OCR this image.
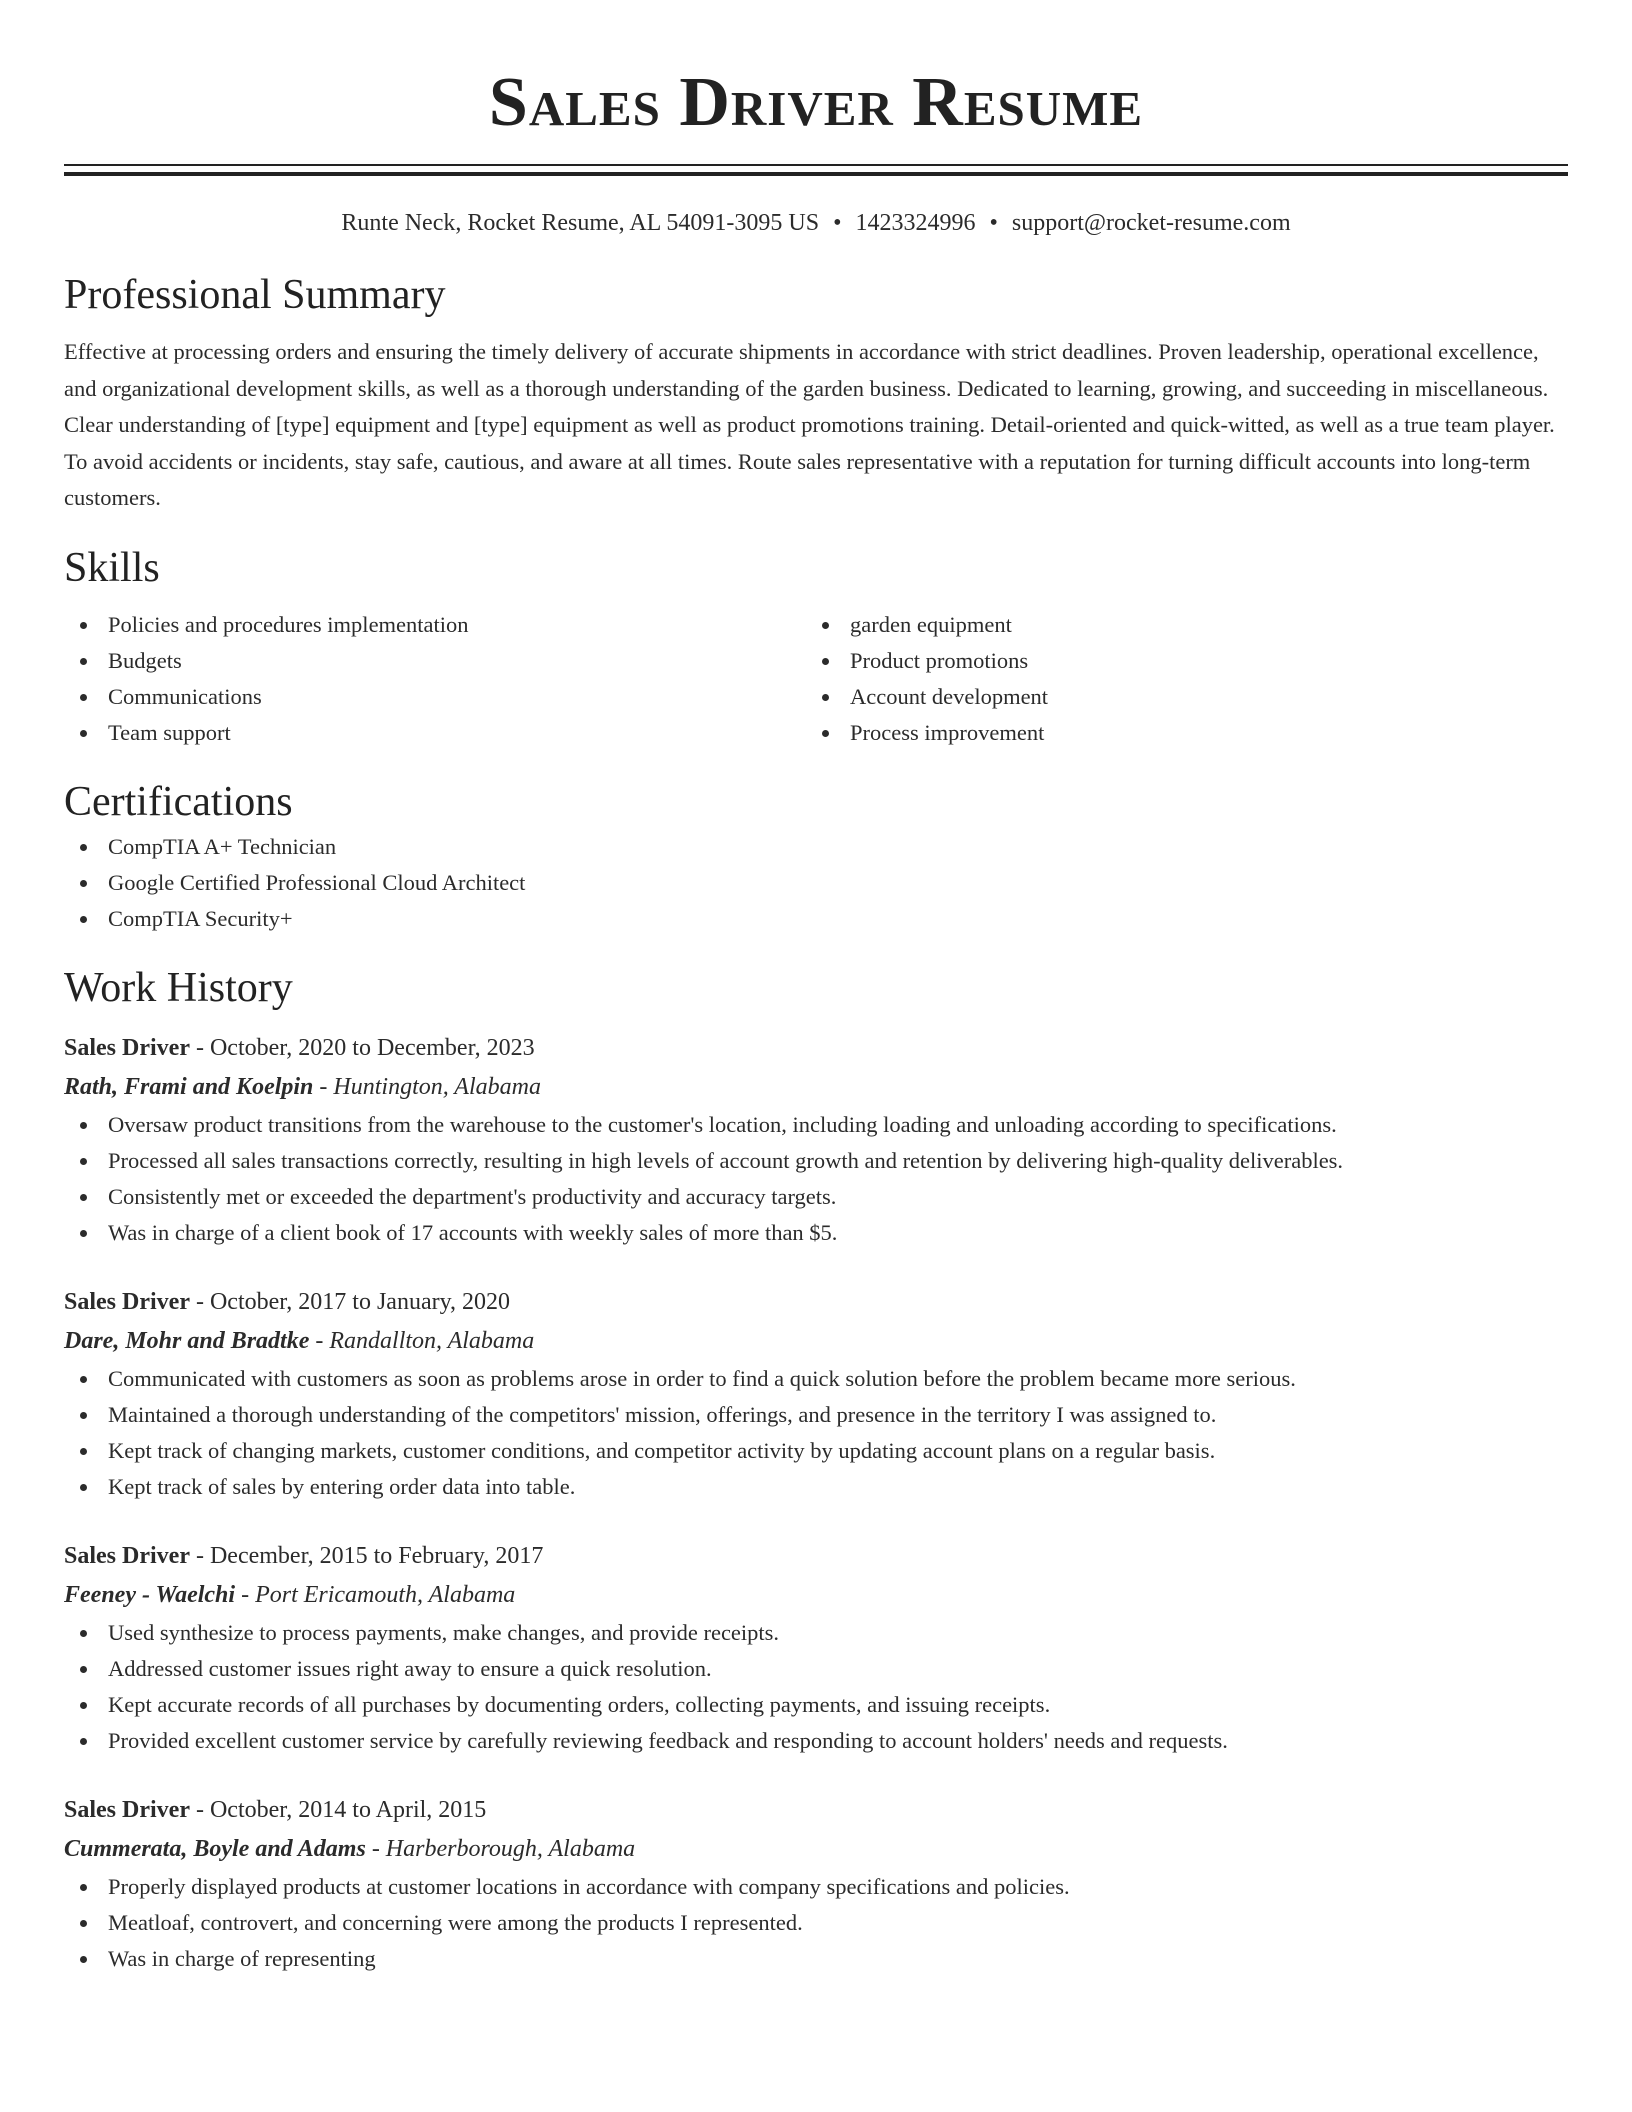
Sales Driver Resume
Runte Neck, Rocket Resume, AL 54091-3095 US • 1423324996 • support@rocket-resume.com
Professional Summary

Effective at processing orders and ensuring the timely delivery of accurate shipments in accordance with strict deadlines. Proven leadership, operational excellence, and organizational development skills, as well as a thorough understanding of the garden business. Dedicated to learning, growing, and succeeding in miscellaneous. Clear understanding of [type] equipment and [type] equipment as well as product promotions training. Detail-oriented and quick-witted, as well as a true team player. To avoid accidents or incidents, stay safe, cautious, and aware at all times. Route sales representative with a reputation for turning difficult accounts into long-term customers.

Skills
Policies and procedures implementation
Budgets
Communications
Team support
garden equipment
Product promotions
Account development
Process improvement
Certifications
CompTIA A+ Technician
Google Certified Professional Cloud Architect
CompTIA Security+
Work History
Sales Driver - October, 2020 to December, 2023
Rath, Frami and Koelpin - Huntington, Alabama
Oversaw product transitions from the warehouse to the customer's location, including loading and unloading according to specifications.
Processed all sales transactions correctly, resulting in high levels of account growth and retention by delivering high-quality deliverables.
Consistently met or exceeded the department's productivity and accuracy targets.
Was in charge of a client book of 17 accounts with weekly sales of more than $5.
Sales Driver - October, 2017 to January, 2020
Dare, Mohr and Bradtke - Randallton, Alabama
Communicated with customers as soon as problems arose in order to find a quick solution before the problem became more serious.
Maintained a thorough understanding of the competitors' mission, offerings, and presence in the territory I was assigned to.
Kept track of changing markets, customer conditions, and competitor activity by updating account plans on a regular basis.
Kept track of sales by entering order data into table.
Sales Driver - December, 2015 to February, 2017
Feeney - Waelchi - Port Ericamouth, Alabama
Used synthesize to process payments, make changes, and provide receipts.
Addressed customer issues right away to ensure a quick resolution.
Kept accurate records of all purchases by documenting orders, collecting payments, and issuing receipts.
Provided excellent customer service by carefully reviewing feedback and responding to account holders' needs and requests.
Sales Driver - October, 2014 to April, 2015
Cummerata, Boyle and Adams - Harberborough, Alabama
Properly displayed products at customer locations in accordance with company specifications and policies.
Meatloaf, controvert, and concerning were among the products I represented.
Was in charge of representing
